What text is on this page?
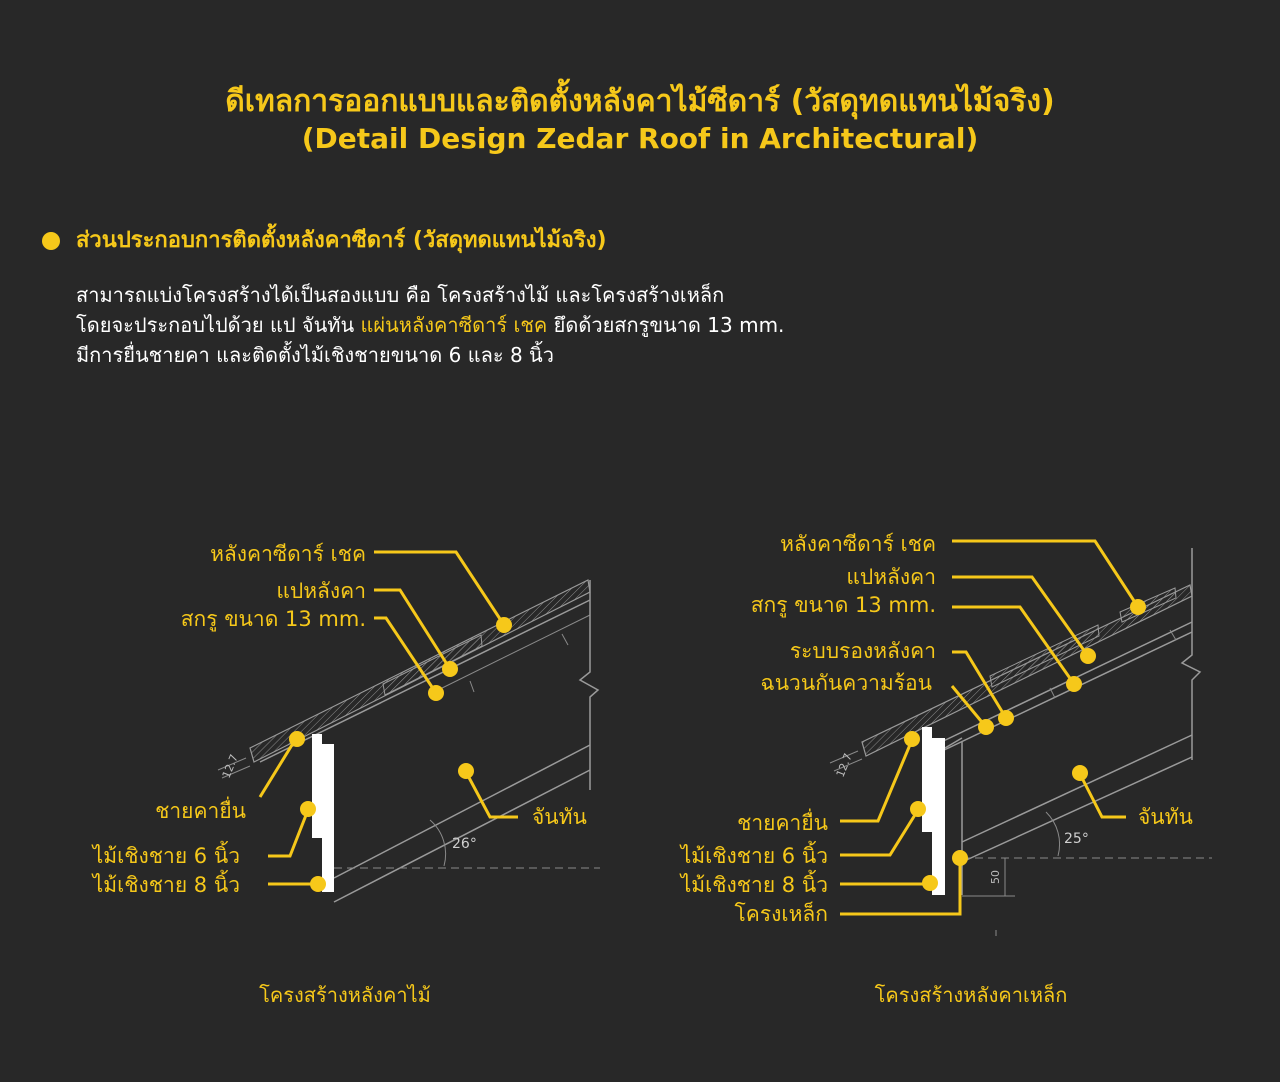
ดีเทลการออกแบบและติดตั้งหลังคาไม้ซีดาร์ (วัสดุทดแทนไม้จริง)
(Detail Design Zedar Roof in Architectural)
ส่วนประกอบการติดตั้งหลังคาซีดาร์ (วัสดุทดแทนไม้จริง)
สามารถแบ่งโครงสร้างได้เป็นสองแบบ คือ โครงสร้างไม้ และโครงสร้างเหล็ก
โดยจะประกอบไปด้วย แป จันทัน แผ่นหลังคาซีดาร์ เชค ยึดด้วยสกรูขนาด 13 mm.
มีการยื่นชายคา และติดตั้งไม้เชิงชายขนาด 6 และ 8 นิ้ว
26°
12.7
หลังคาซีดาร์ เชค
แปหลังคา
สกรู ขนาด 13 mm.
ชายคายื่น
ไม้เชิงชาย 6 นิ้ว
ไม้เชิงชาย 8 นิ้ว
จันทัน
โครงสร้างหลังคาไม้
25°
12.7
50
หลังคาซีดาร์ เชค
แปหลังคา
สกรู ขนาด 13 mm.
ระบบรองหลังคา
ฉนวนกันความร้อน
ชายคายื่น
ไม้เชิงชาย 6 นิ้ว
ไม้เชิงชาย 8 นิ้ว
โครงเหล็ก
จันทัน
โครงสร้างหลังคาเหล็ก
